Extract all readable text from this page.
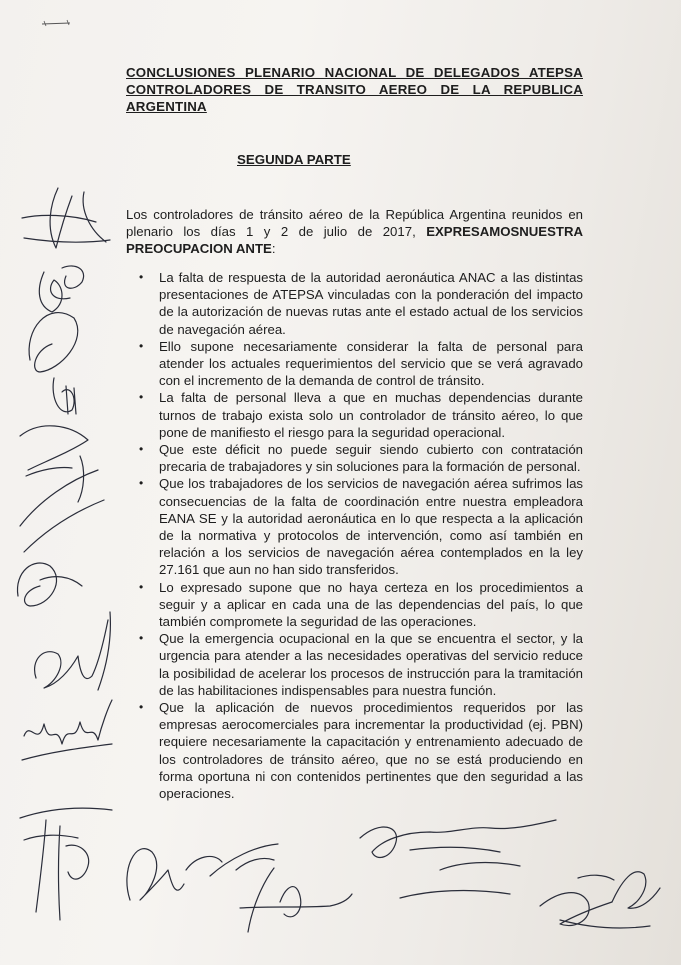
CONCLUSIONES PLENARIO NACIONAL DE DELEGADOS ATEPSA
CONTROLADORES DE TRANSITO AEREO DE LA REPUBLICA
ARGENTINA
SEGUNDA PARTE
Los controladores de tránsito aéreo de la República Argentina reunidos en plenario los días 1 y 2 de julio de 2017, EXPRESAMOSNUESTRA PREOCUPACION ANTE:
• La falta de respuesta de la autoridad aeronáutica ANAC a las distintas presentaciones de ATEPSA vinculadas con la ponderación del impacto de la autorización de nuevas rutas ante el estado actual de los servicios de navegación aérea.
• Ello supone necesariamente considerar la falta de personal para atender los actuales requerimientos del servicio que se verá agravado con el incremento de la demanda de control de tránsito.
• La falta de personal lleva a que en muchas dependencias durante turnos de trabajo exista solo un controlador de tránsito aéreo, lo que pone de manifiesto el riesgo para la seguridad operacional.
• Que este déficit no puede seguir siendo cubierto con contratación precaria de trabajadores y sin soluciones para la formación de personal.
• Que los trabajadores de los servicios de navegación aérea sufrimos las consecuencias de la falta de coordinación entre nuestra empleadora EANA SE y la autoridad aeronáutica en lo que respecta a la aplicación de la normativa y protocolos de intervención, como así también en relación a los servicios de navegación aérea contemplados en la ley 27.161 que aun no han sido transferidos.
• Lo expresado supone que no haya certeza en los procedimientos a seguir y a aplicar en cada una de las dependencias del país, lo que también compromete la seguridad de las operaciones.
• Que la emergencia ocupacional en la que se encuentra el sector, y la urgencia para atender a las necesidades operativas del servicio reduce la posibilidad de acelerar los procesos de instrucción para la tramitación de las habilitaciones indispensables para nuestra función.
• Que la aplicación de nuevos procedimientos requeridos por las empresas aerocomerciales para incrementar la productividad (ej. PBN) requiere necesariamente la capacitación y entrenamiento adecuado de los controladores de tránsito aéreo, que no se está produciendo en forma oportuna ni con contenidos pertinentes que den seguridad a las operaciones.
